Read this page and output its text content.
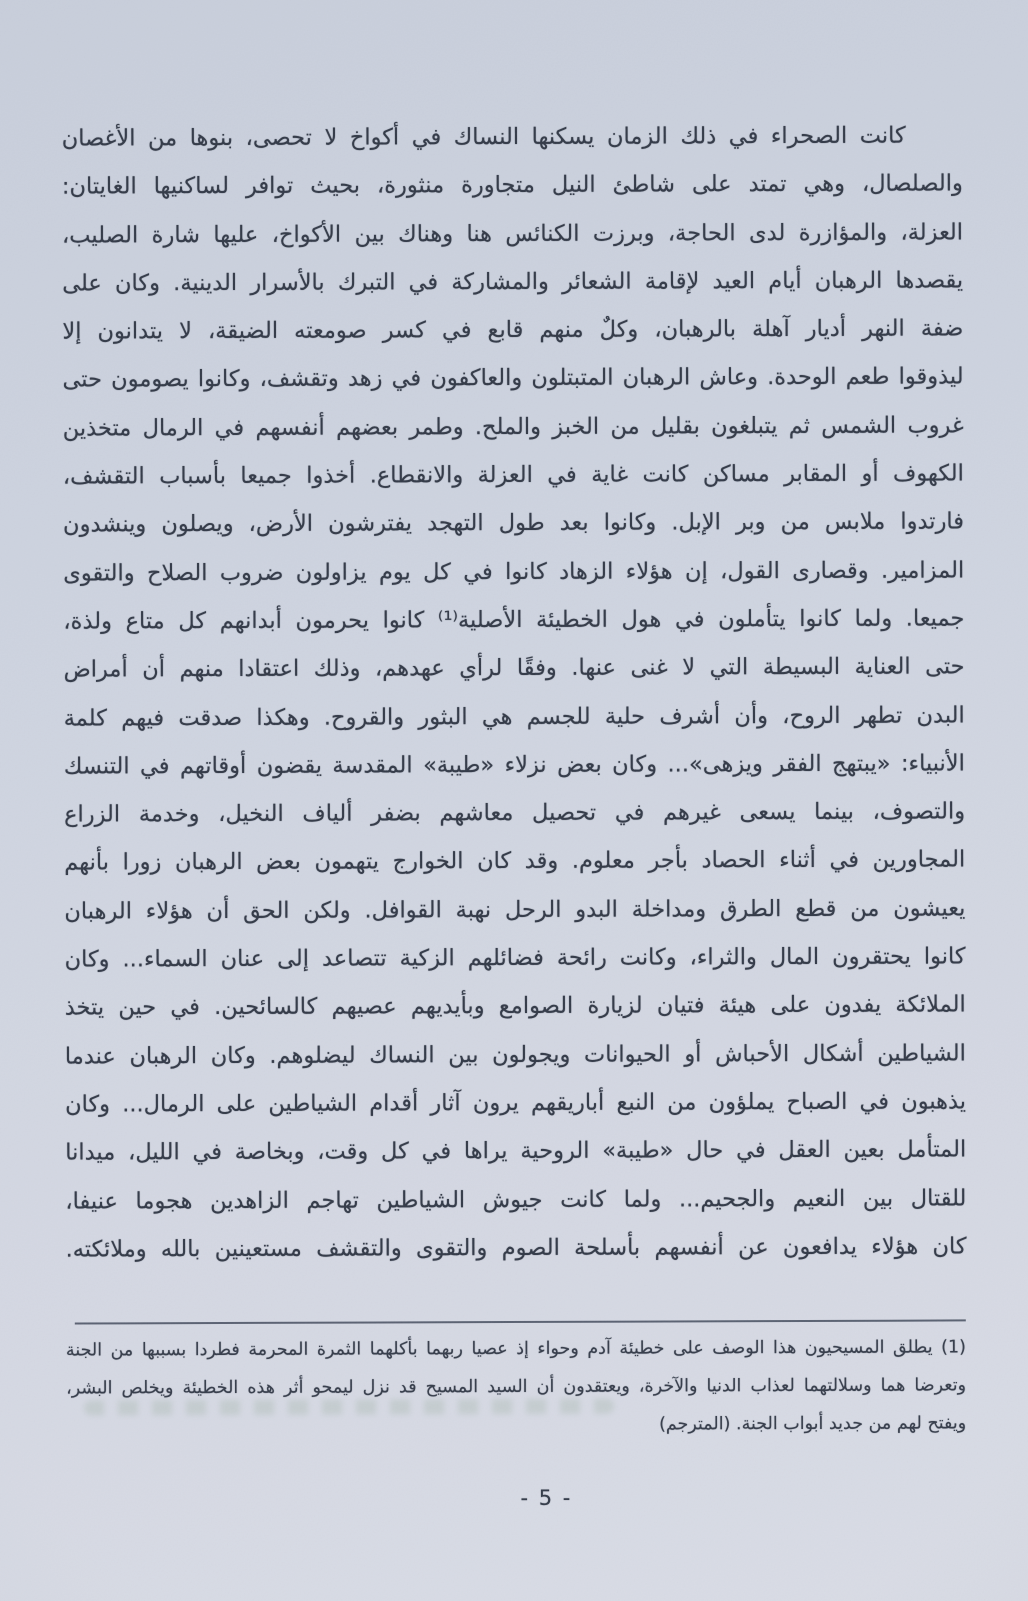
كانت الصحراء في ذلك الزمان يسكنها النساك في أكواخ لا تحصى، بنوها من الأغصان
والصلصال، وهي تمتد على شاطئ النيل متجاورة منثورة، بحيث توافر لساكنيها الغايتان:
العزلة، والمؤازرة لدى الحاجة، وبرزت الكنائس هنا وهناك بين الأكواخ، عليها شارة الصليب،
يقصدها الرهبان أيام العيد لإقامة الشعائر والمشاركة في التبرك بالأسرار الدينية. وكان على
ضفة النهر أديار آهلة بالرهبان، وكلٌ منهم قابع في كسر صومعته الضيقة، لا يتدانون إلا
ليذوقوا طعم الوحدة. وعاش الرهبان المتبتلون والعاكفون في زهد وتقشف، وكانوا يصومون حتى
غروب الشمس ثم يتبلغون بقليل من الخبز والملح. وطمر بعضهم أنفسهم في الرمال متخذين
الكهوف أو المقابر مساكن كانت غاية في العزلة والانقطاع. أخذوا جميعا بأسباب التقشف،
فارتدوا ملابس من وبر الإبل. وكانوا بعد طول التهجد يفترشون الأرض، ويصلون وينشدون
المزامير. وقصارى القول، إن هؤلاء الزهاد كانوا في كل يوم يزاولون ضروب الصلاح والتقوى
جميعا. ولما كانوا يتأملون في هول الخطيئة الأصلية⁽¹⁾ كانوا يحرمون أبدانهم كل متاع ولذة،
حتى العناية البسيطة التي لا غنى عنها. وفقًا لرأي عهدهم، وذلك اعتقادا منهم أن أمراض
البدن تطهر الروح، وأن أشرف حلية للجسم هي البثور والقروح. وهكذا صدقت فيهم كلمة
الأنبياء: «يبتهج الفقر ويزهى»... وكان بعض نزلاء «طيبة» المقدسة يقضون أوقاتهم في التنسك
والتصوف، بينما يسعى غيرهم في تحصيل معاشهم بضفر ألياف النخيل، وخدمة الزراع
المجاورين في أثناء الحصاد بأجر معلوم. وقد كان الخوارج يتهمون بعض الرهبان زورا بأنهم
يعيشون من قطع الطرق ومداخلة البدو الرحل نهبة القوافل. ولكن الحق أن هؤلاء الرهبان
كانوا يحتقرون المال والثراء، وكانت رائحة فضائلهم الزكية تتصاعد إلى عنان السماء... وكان
الملائكة يفدون على هيئة فتيان لزيارة الصوامع وبأيديهم عصيهم كالسائحين. في حين يتخذ
الشياطين أشكال الأحباش أو الحيوانات ويجولون بين النساك ليضلوهم. وكان الرهبان عندما
يذهبون في الصباح يملؤون من النبع أباريقهم يرون آثار أقدام الشياطين على الرمال... وكان
المتأمل بعين العقل في حال «طيبة» الروحية يراها في كل وقت، وبخاصة في الليل، ميدانا
للقتال بين النعيم والجحيم... ولما كانت جيوش الشياطين تهاجم الزاهدين هجوما عنيفا،
كان هؤلاء يدافعون عن أنفسهم بأسلحة الصوم والتقوى والتقشف مستعينين بالله وملائكته.
(1) يطلق المسيحيون هذا الوصف على خطيئة آدم وحواء إذ عصيا ربهما بأكلهما الثمرة المحرمة فطردا بسببها من الجنة
وتعرضا هما وسلالتهما لعذاب الدنيا والآخرة، ويعتقدون أن السيد المسيح قد نزل ليمحو أثر هذه الخطيئة ويخلص البشر،
ويفتح لهم من جديد أبواب الجنة. (المترجم)
- 5 -
